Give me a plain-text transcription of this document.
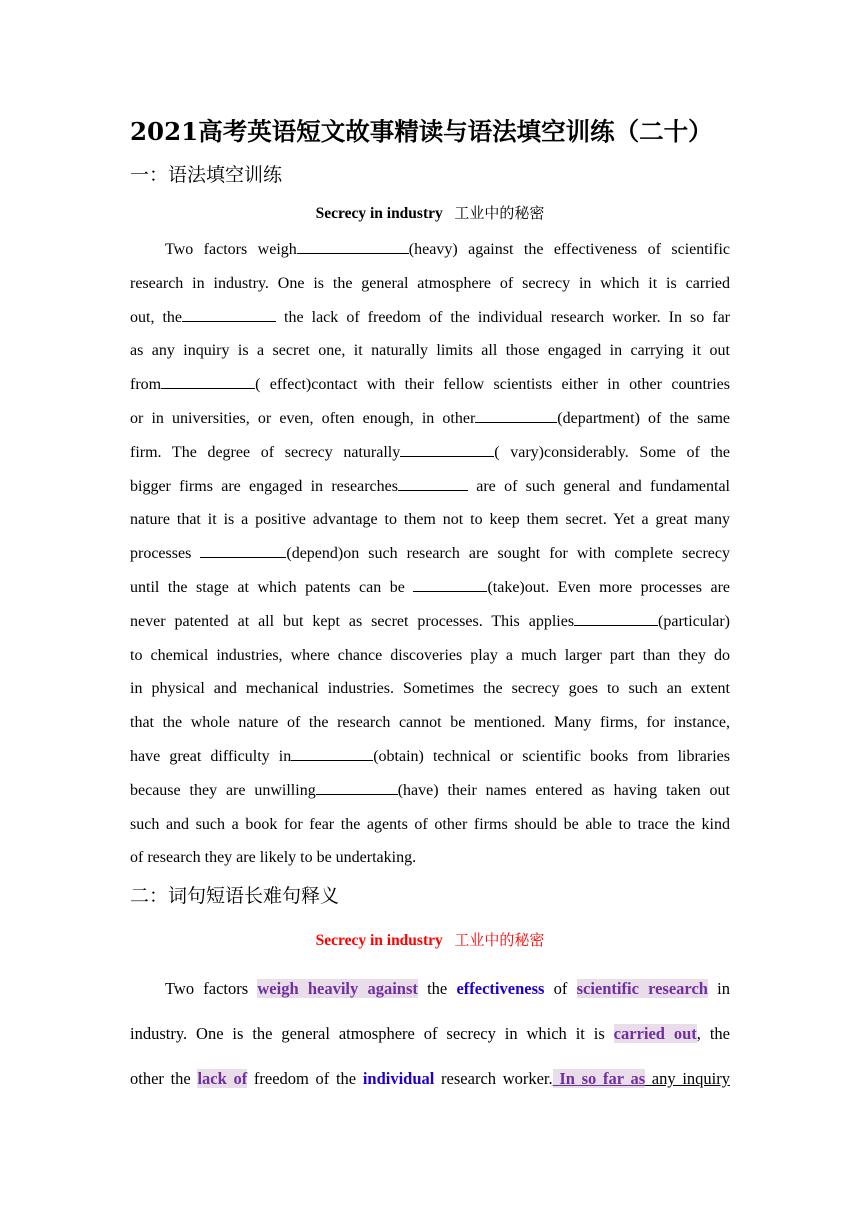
2021高考英语短文故事精读与语法填空训练（二十）
一：语法填空训练
Secrecy in industry 工业中的秘密
Two factors weigh	(heavy) against the effectiveness of scientific
research in industry. One is the general atmosphere of secrecy in which it is carried
out, the	the lack of freedom of the individual research worker. In so far
as any inquiry is a secret one, it naturally limits all those engaged in carrying it out
from	( effect)contact with their fellow scientists either in other countries
or in universities, or even, often enough, in other	(department) of the same
firm. The degree of secrecy naturally	( vary)considerably. Some of the
bigger firms are engaged in researches	are of such general and fundamental
nature that it is a positive advantage to them not to keep them secret. Yet a great many
processes	(depend)on such research are sought for with complete secrecy
until the stage at which patents can be	(take)out. Even more processes are
never patented at all but kept as secret processes. This applies	(particular)
to chemical industries, where chance discoveries play a much larger part than they do
in physical and mechanical industries. Sometimes the secrecy goes to such an extent
that the whole nature of the research cannot be mentioned. Many firms, for instance,
have great difficulty in	(obtain) technical or scientific books from libraries
because they are unwilling	(have) their names entered as having taken out
such and such a book for fear the agents of other firms should be able to trace the kind
of research they are likely to be undertaking.
二：词句短语长难句释义
Secrecy in industry 工业中的秘密
Two factors weigh heavily against the effectiveness of scientific research in
industry. One is the general atmosphere of secrecy in which it is carried out, the
other the lack of freedom of the individual research worker. In so far as any inquiry
